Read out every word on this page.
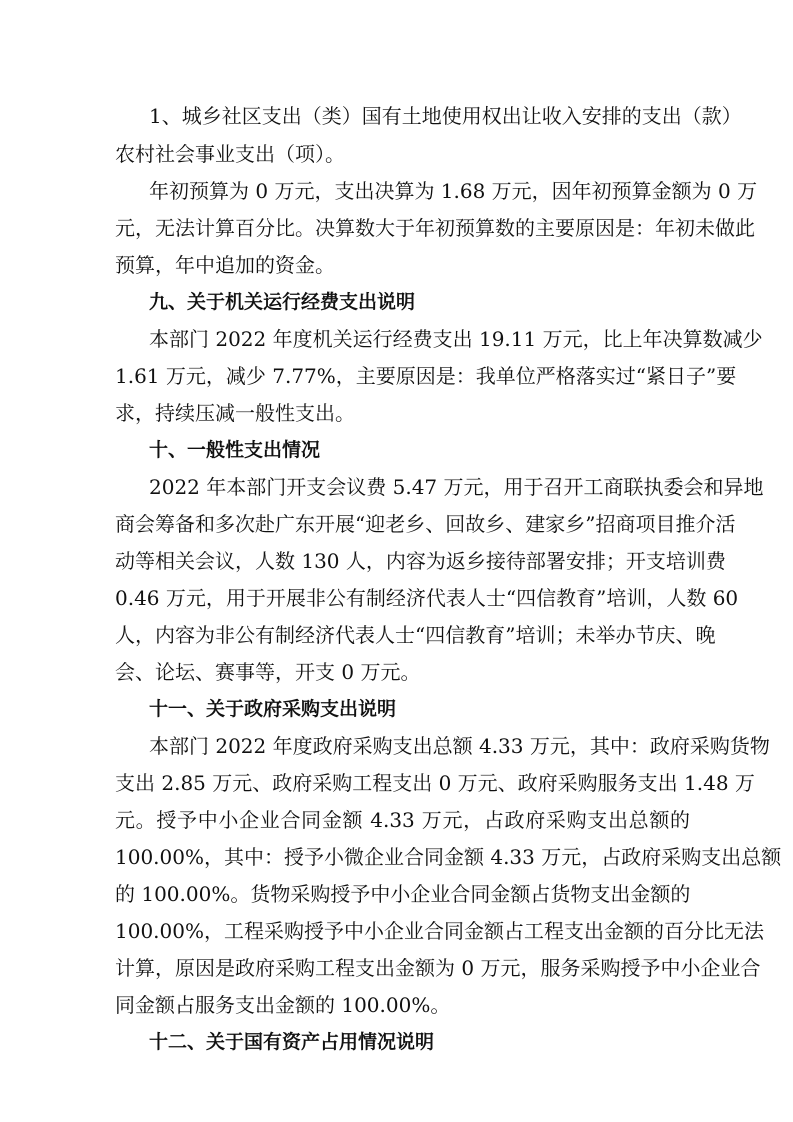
1、城乡社区支出（类）国有土地使用权出让收入安排的支出（款）
农村社会事业支出（项）。
年初预算为 0 万元，支出决算为 1.68 万元，因年初预算金额为 0 万
元，无法计算百分比。决算数大于年初预算数的主要原因是：年初未做此
预算，年中追加的资金。
九、关于机关运行经费支出说明
本部门 2022 年度机关运行经费支出 19.11 万元，比上年决算数减少
1.61 万元，减少 7.77%，主要原因是：我单位严格落实过“紧日子”要
求，持续压减一般性支出。
十、一般性支出情况
2022 年本部门开支会议费 5.47 万元，用于召开工商联执委会和异地
商会筹备和多次赴广东开展“迎老乡、回故乡、建家乡”招商项目推介活
动等相关会议，人数 130 人，内容为返乡接待部署安排；开支培训费
0.46 万元，用于开展非公有制经济代表人士“四信教育”培训，人数 60
人，内容为非公有制经济代表人士“四信教育”培训；未举办节庆、晚
会、论坛、赛事等，开支 0 万元。
十一、关于政府采购支出说明
本部门 2022 年度政府采购支出总额 4.33 万元，其中：政府采购货物
支出 2.85 万元、政府采购工程支出 0 万元、政府采购服务支出 1.48 万
元。授予中小企业合同金额 4.33 万元，占政府采购支出总额的
100.00%，其中：授予小微企业合同金额 4.33 万元，占政府采购支出总额
的 100.00%。货物采购授予中小企业合同金额占货物支出金额的
100.00%，工程采购授予中小企业合同金额占工程支出金额的百分比无法
计算，原因是政府采购工程支出金额为 0 万元，服务采购授予中小企业合
同金额占服务支出金额的 100.00%。
十二、关于国有资产占用情况说明
